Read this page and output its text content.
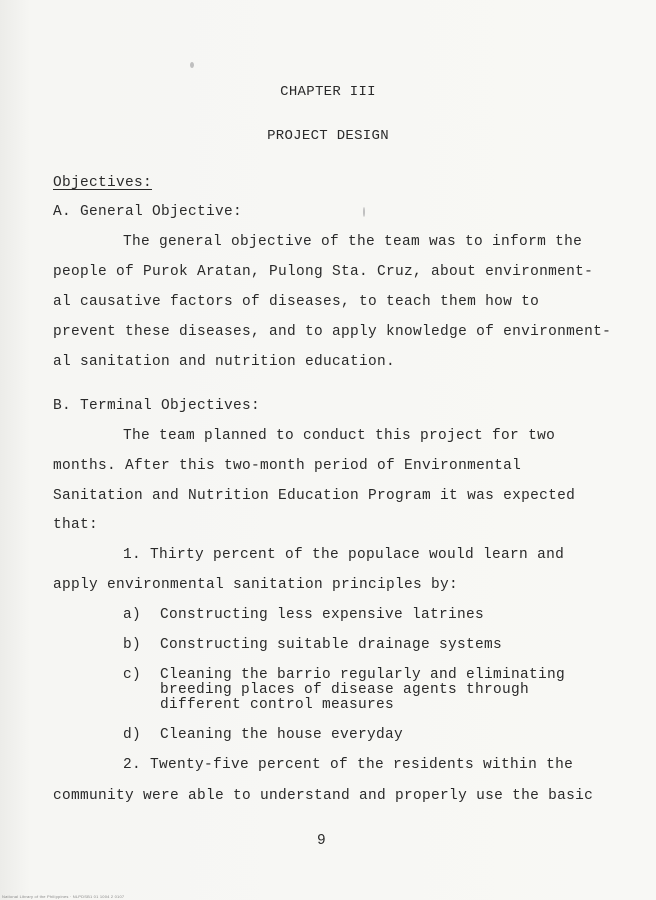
CHAPTER III
PROJECT DESIGN
Objectives:
A. General Objective:
The general objective of the team was to inform the
people of Purok Aratan, Pulong Sta. Cruz, about environment-
al causative factors of diseases, to teach them how to
prevent these diseases, and to apply knowledge of environment-
al sanitation and nutrition education.
B. Terminal Objectives:
The team planned to conduct this project for two
months. After this two-month period of Environmental
Sanitation and Nutrition Education Program it was expected
that:
1. Thirty percent of the populace would learn and
apply environmental sanitation principles by:
a) Constructing less expensive latrines
b) Constructing suitable drainage systems
c) Cleaning the barrio regularly and eliminating
breeding places of disease agents through
different control measures
d) Cleaning the house everyday
2. Twenty-five percent of the residents within the
community were able to understand and properly use the basic
9
National Library of the Philippines · NLPDSB1 01 1004 2 0107
